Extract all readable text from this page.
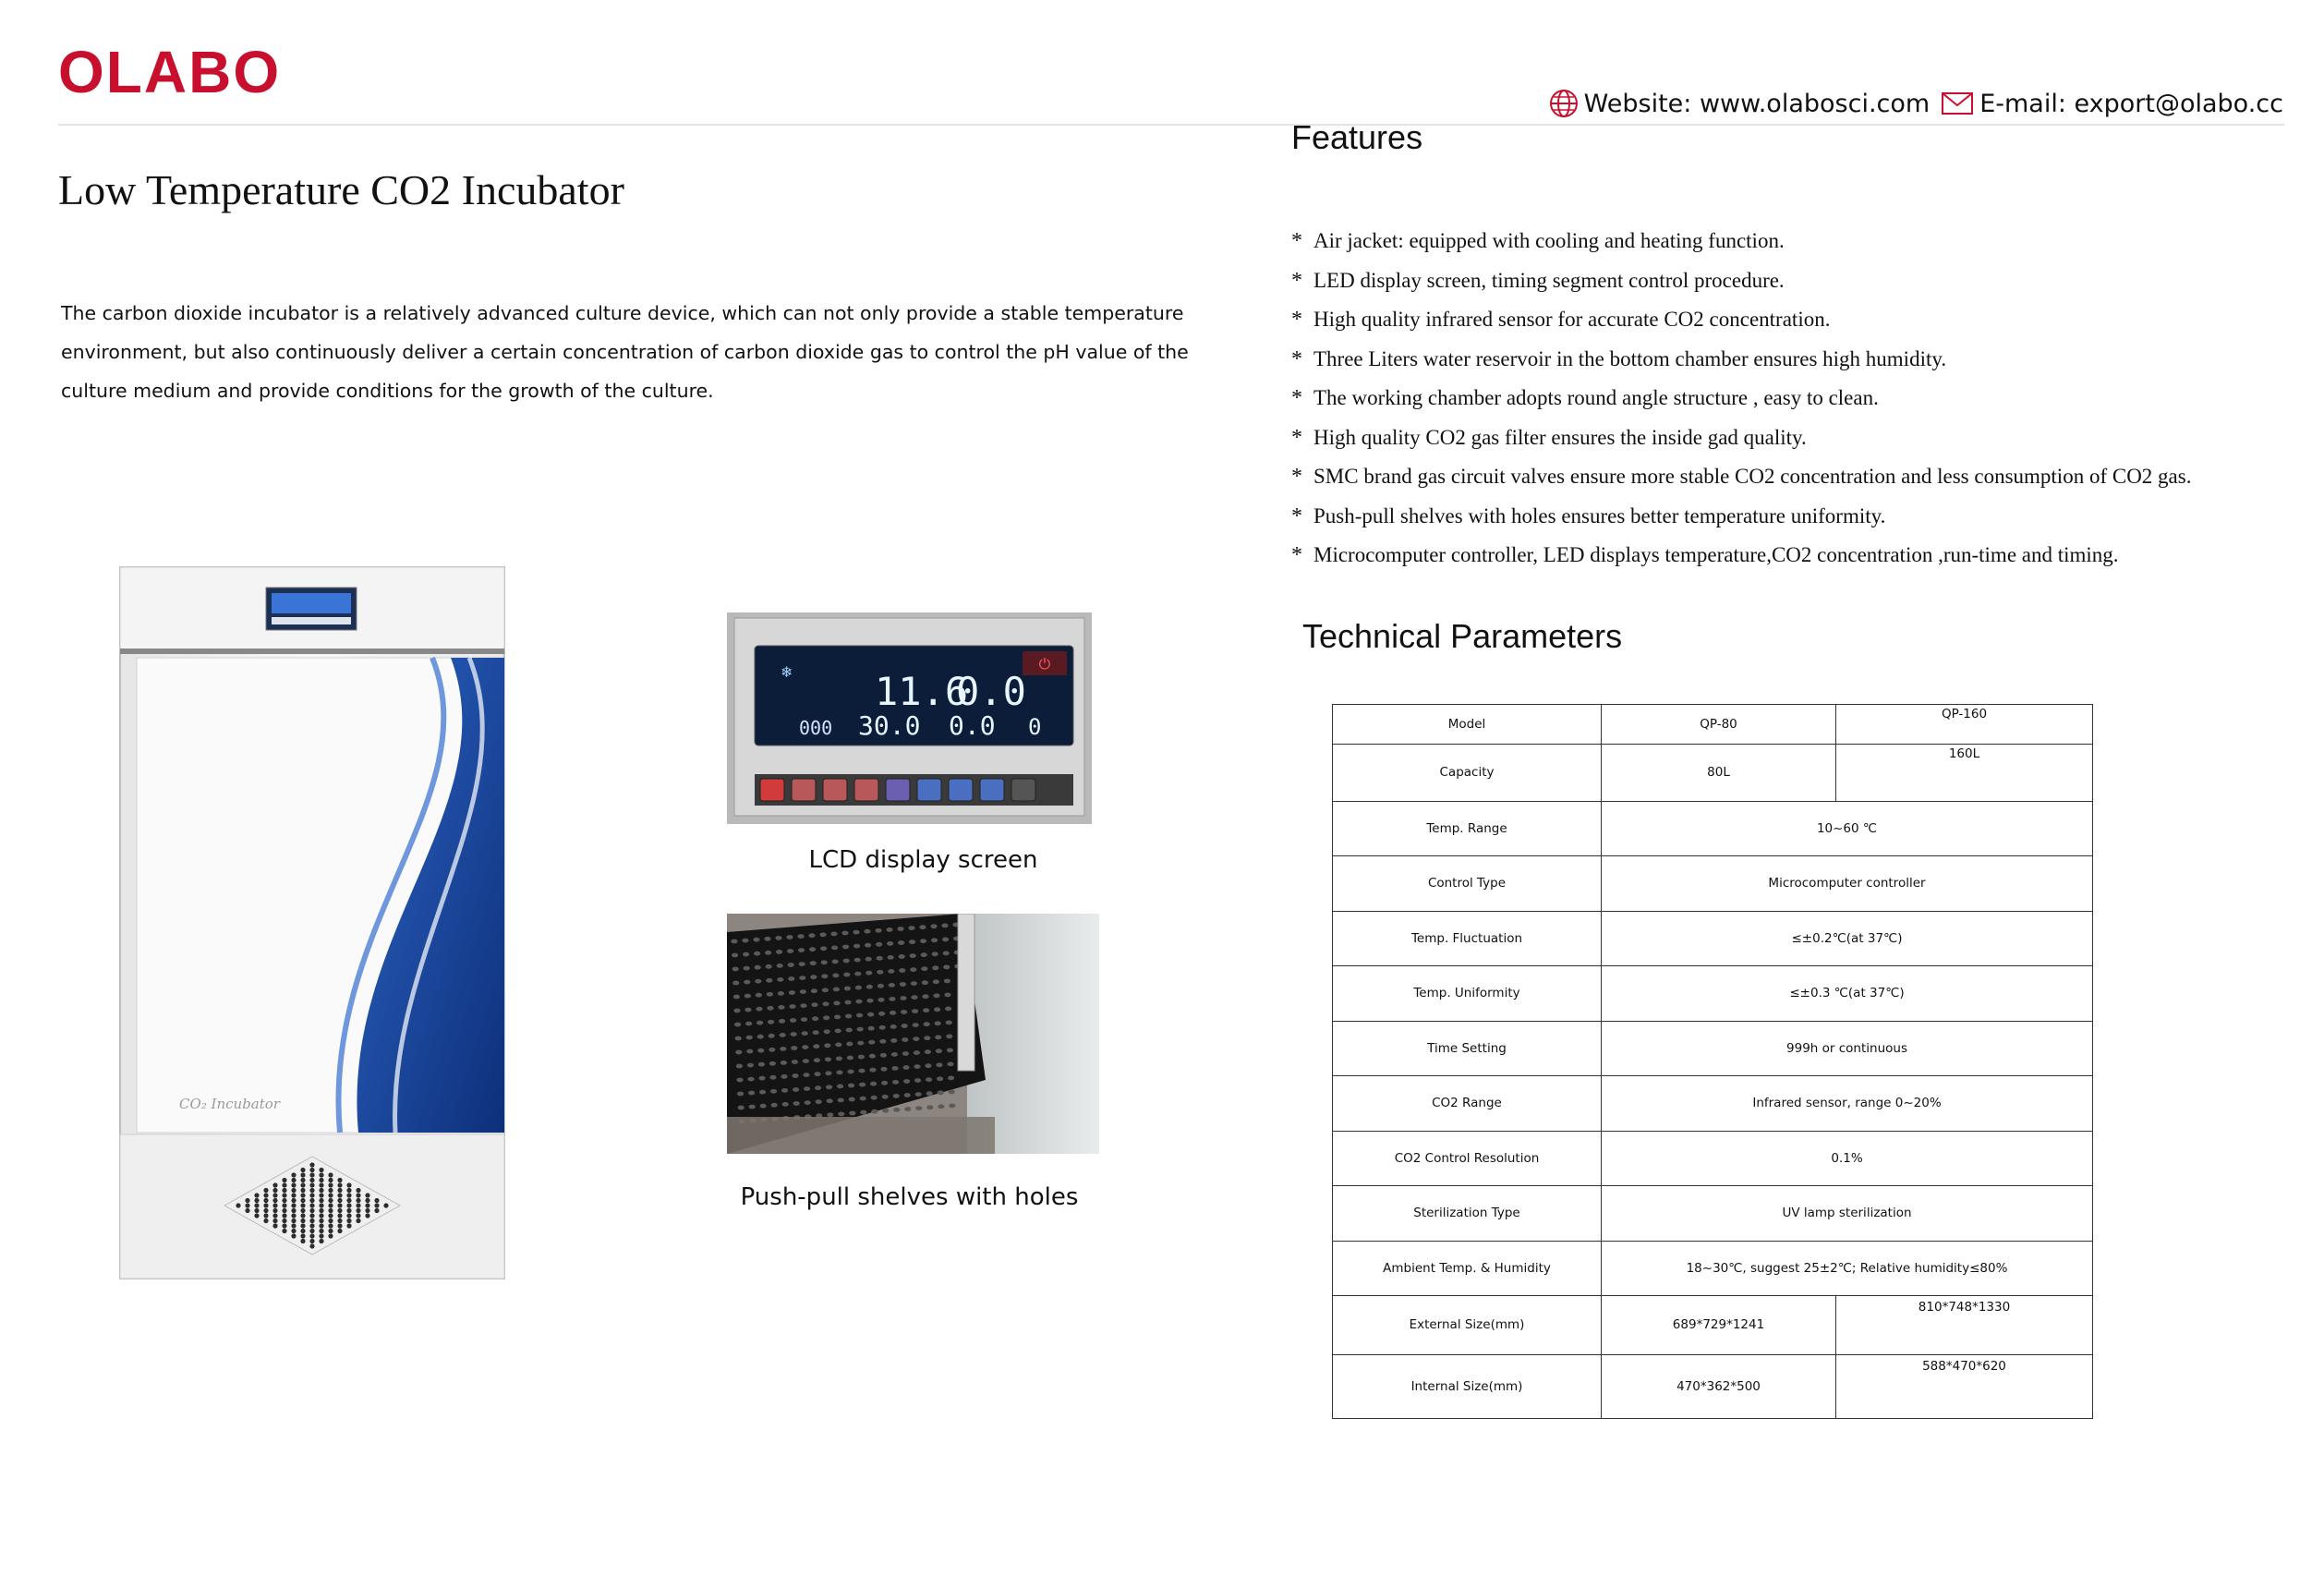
OLABO	Website: www.olabosci.com E-mail: export@olabo.cc
Low Temperature CO2 Incubator
The carbon dioxide incubator is a relatively advanced culture device, which can not only provide a stable temperature
environment, but also continuously deliver a certain concentration of carbon dioxide gas to control the pH value of the
culture medium and provide conditions for the growth of the culture.
Features
* Air jacket: equipped with cooling and heating function.
* LED display screen, timing segment control procedure.
* High quality infrared sensor for accurate CO2 concentration.
* Three Liters water reservoir in the bottom chamber ensures high humidity.
* The working chamber adopts round angle structure , easy to clean.
* High quality CO2 gas filter ensures the inside gad quality.
* SMC brand gas circuit valves ensure more stable CO2 concentration and less consumption of CO2 gas.
* Push-pull shelves with holes ensures better temperature uniformity.
* Microcomputer controller, LED displays temperature,CO2 concentration ,run-time and timing.
Technical Parameters
Model	QP-80	QP-160
Capacity	80L	160L
Temp. Range	10~60 ℃	
Control Type	Microcomputer controller	
Temp. Fluctuation	≤±0.2℃(at 37℃)	
Temp. Uniformity	≤±0.3 ℃(at 37℃)	
Time Setting	999h or continuous	
CO2 Range	Infrared sensor, range 0~20%	
CO2 Control Resolution	0.1%	
Sterilization Type	UV lamp sterilization	
Ambient Temp. & Humidity	18~30℃, suggest 25±2℃; Relative humidity≤80%	
External Size(mm)	689*729*1241	810*748*1330
Internal Size(mm)	470*362*500	588*470*620
CO₂ Incubator
⏻
❄ 11.6
0.0
000 30.0 0.0 0
LCD display screen
Push-pull shelves with holes
